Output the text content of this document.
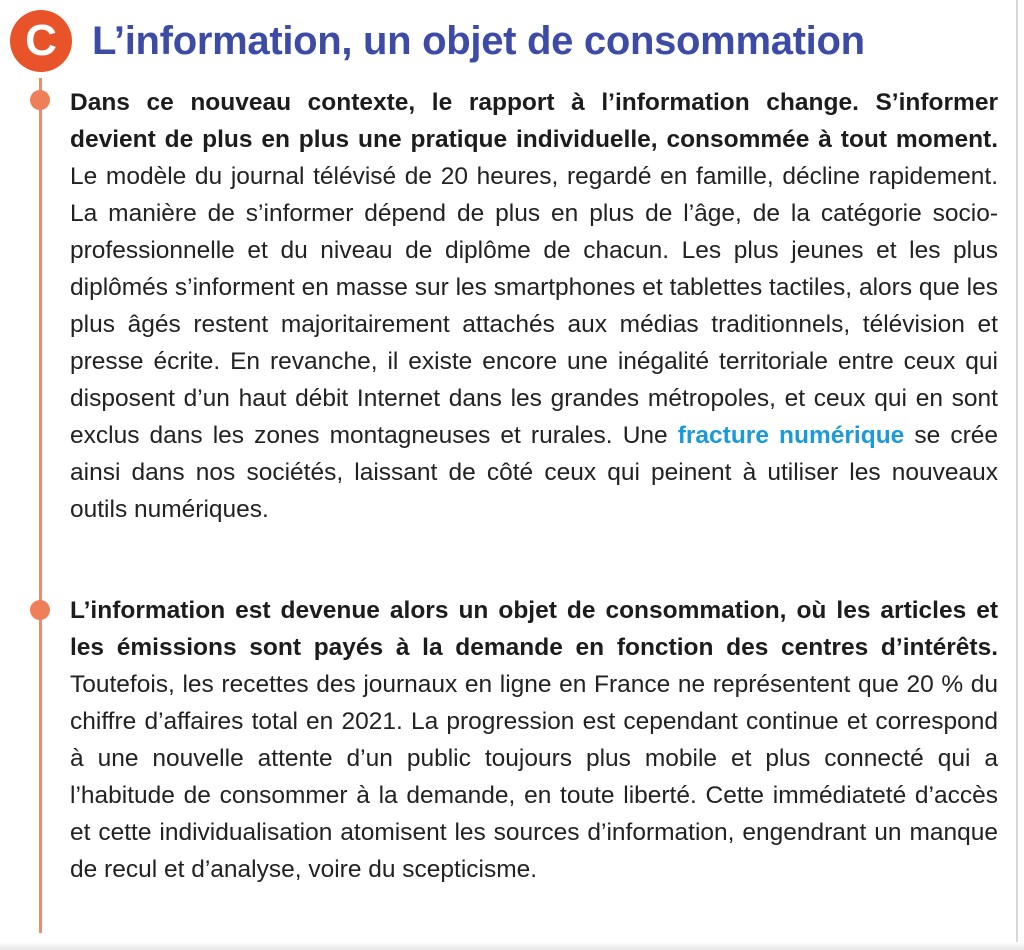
C L’information, un objet de consommation

Dans ce nouveau contexte, le rapport à l’information change. S’informer devient de plus en plus une pratique individuelle, consommée à tout moment. Le modèle du journal télévisé de 20 heures, regardé en famille, décline rapidement. La manière de s’informer dépend de plus en plus de l’âge, de la catégorie socio-professionnelle et du niveau de diplôme de chacun. Les plus jeunes et les plus diplômés s’informent en masse sur les smartphones et tablettes tactiles, alors que les plus âgés restent majoritairement attachés aux médias traditionnels, télévision et presse écrite. En revanche, il existe encore une inégalité territoriale entre ceux qui disposent d’un haut débit Internet dans les grandes métropoles, et ceux qui en sont exclus dans les zones montagneuses et rurales. Une fracture numérique se crée ainsi dans nos sociétés, laissant de côté ceux qui peinent à utiliser les nouveaux outils numériques.

L’information est devenue alors un objet de consommation, où les articles et les émissions sont payés à la demande en fonction des centres d’intérêts. Toutefois, les recettes des journaux en ligne en France ne représentent que 20 % du chiffre d’affaires total en 2021. La progression est cependant continue et correspond à une nouvelle attente d’un public toujours plus mobile et plus connecté qui a l’habitude de consommer à la demande, en toute liberté. Cette immédiateté d’accès et cette individualisation atomisent les sources d’information, engendrant un manque de recul et d’analyse, voire du scepticisme.
